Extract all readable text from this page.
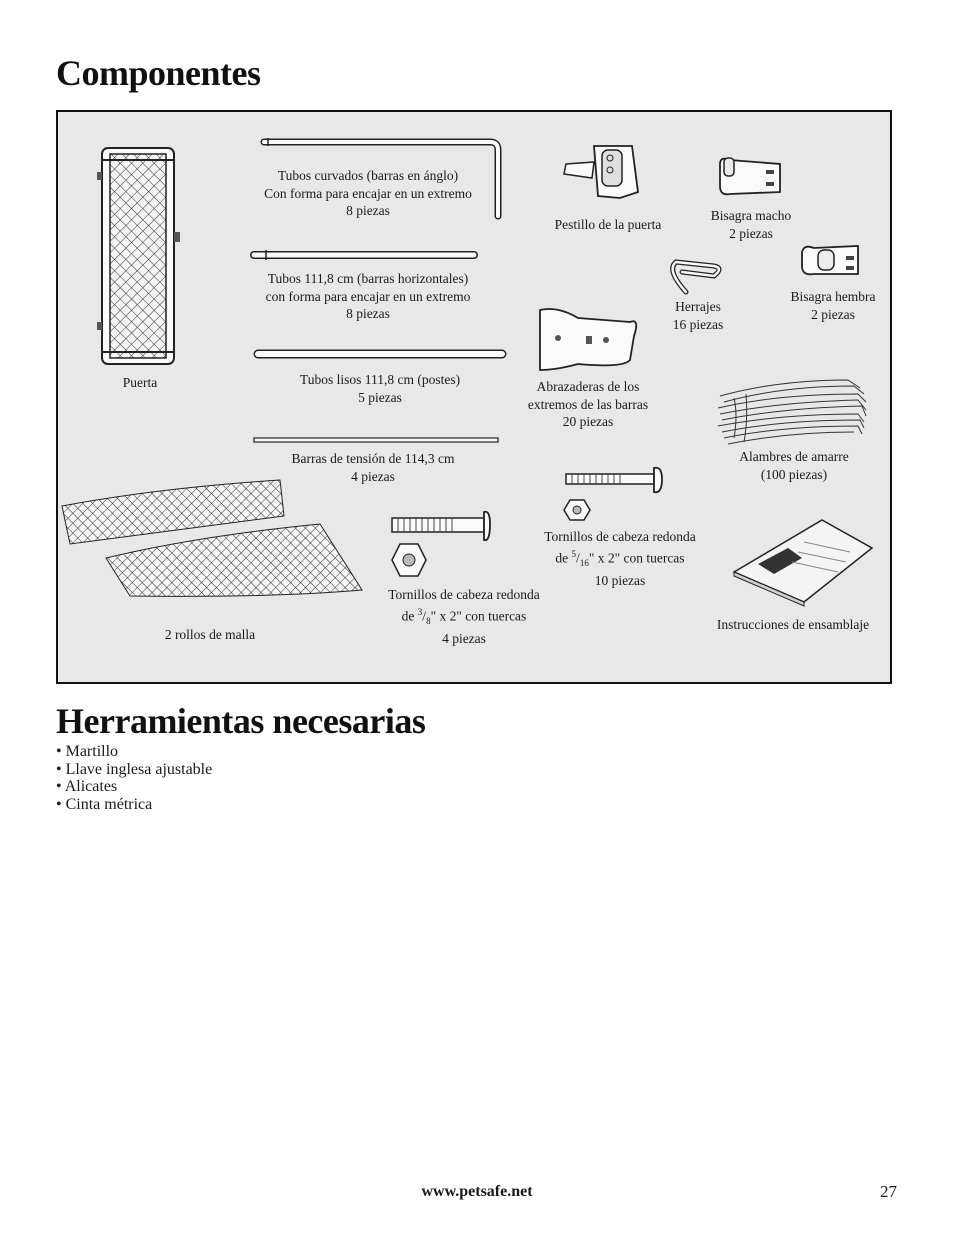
Componentes
Puerta
Tubos curvados (barras en ánglo)
Con forma para encajar en un extremo
8 piezas
Tubos 111,8 cm (barras horizontales)
con forma para encajar en un extremo
8 piezas
Tubos lisos 111,8 cm (postes)
5 piezas
Barras de tensión de 114,3 cm
4 piezas
2 rollos de malla
Pestillo de la puerta
Bisagra macho
2 piezas
Bisagra hembra
2 piezas
Herrajes
16 piezas
Abrazaderas de los
extremos de las barras
20 piezas
Alambres de amarre
(100 piezas)
Tornillos de cabeza redonda
de $^5/_{16}$" x 2" con tuercas
10 piezas
Tornillos de cabeza redonda
de $^3/_8$" x 2" con tuercas
4 piezas
Instrucciones de ensamblaje
Herramientas necesarias
• Martillo
• Llave inglesa ajustable
• Alicates
• Cinta métrica
www.petsafe.net	27
